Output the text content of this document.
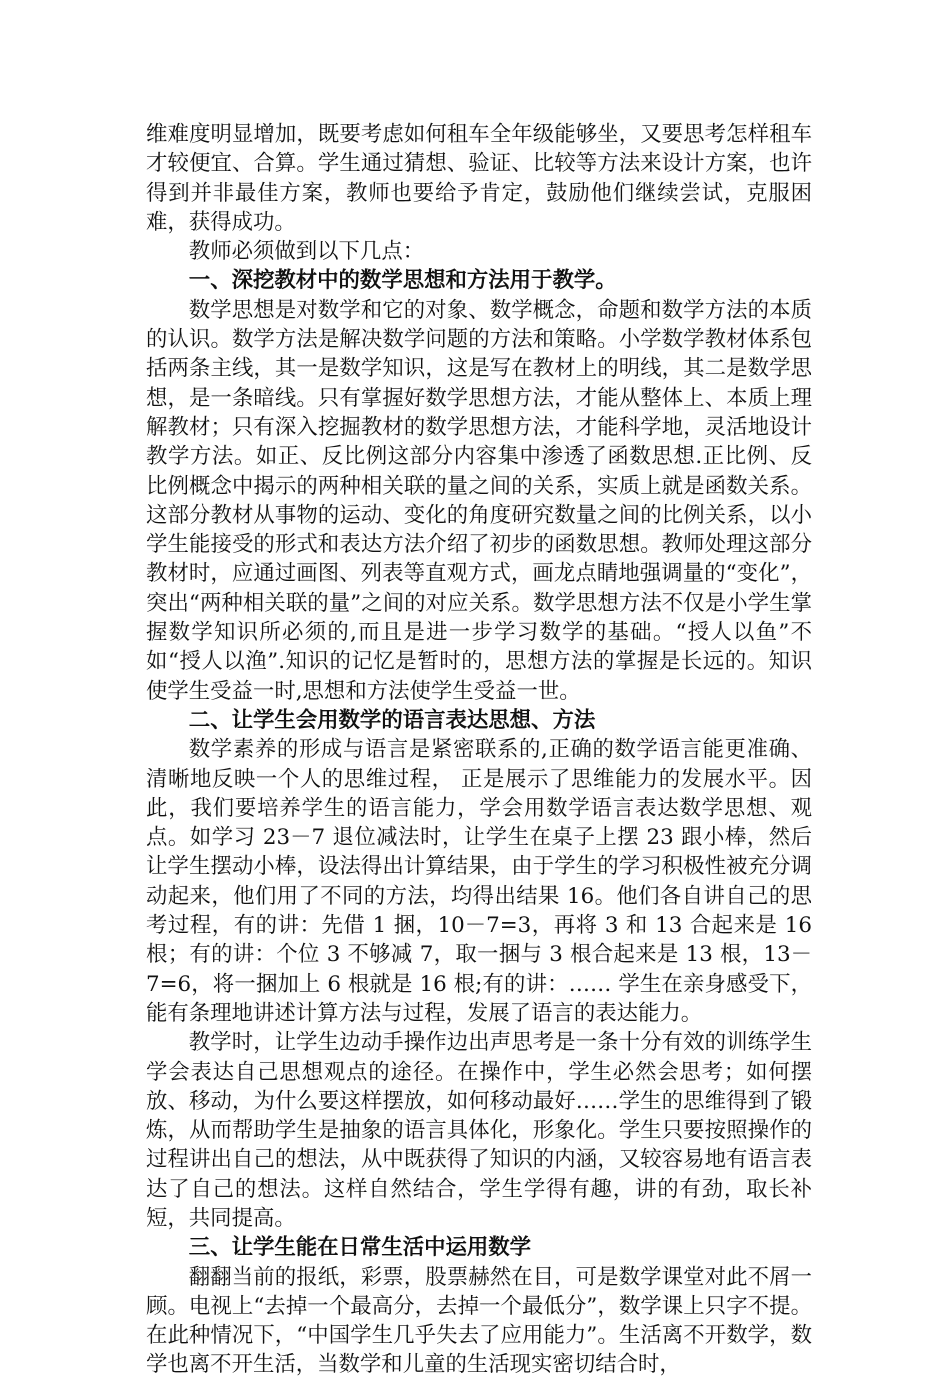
维难度明显增加，既要考虑如何租车全年级能够坐，又要思考怎样租车才较便宜、合算。学生通过猜想、验证、比较等方法来设计方案，也许得到并非最佳方案，教师也要给予肯定，鼓励他们继续尝试，克服困难，获得成功。

教师必须做到以下几点：

一、深挖教材中的数学思想和方法用于教学。

数学思想是对数学和它的对象、数学概念，命题和数学方法的本质的认识。数学方法是解决数学问题的方法和策略。小学数学教材体系包括两条主线，其一是数学知识，这是写在教材上的明线，其二是数学思想，是一条暗线。只有掌握好数学思想方法，才能从整体上、本质上理解教材；只有深入挖掘教材的数学思想方法，才能科学地，灵活地设计教学方法。如正、反比例这部分内容集中渗透了函数思想.正比例、反比例概念中揭示的两种相关联的量之间的关系，实质上就是函数关系。这部分教材从事物的运动、变化的角度研究数量之间的比例关系，以小学生能接受的形式和表达方法介绍了初步的函数思想。教师处理这部分教材时，应通过画图、列表等直观方式，画龙点睛地强调量的“变化”，突出“两种相关联的量”之间的对应关系。数学思想方法不仅是小学生掌握数学知识所必须的,而且是进一步学习数学的基础。“授人以鱼”不如“授人以渔”.知识的记忆是暂时的，思想方法的掌握是长远的。知识使学生受益一时,思想和方法使学生受益一世。

二、让学生会用数学的语言表达思想、方法

数学素养的形成与语言是紧密联系的,正确的数学语言能更准确、清晰地反映一个人的思维过程， 正是展示了思维能力的发展水平。因此，我们要培养学生的语言能力，学会用数学语言表达数学思想、观点。如学习 23－7 退位减法时，让学生在桌子上摆 23 跟小棒，然后让学生摆动小棒，设法得出计算结果，由于学生的学习积极性被充分调动起来，他们用了不同的方法，均得出结果 16。他们各自讲自己的思考过程，有的讲：先借 1 捆，10－7=3，再将 3 和 13 合起来是 16 根；有的讲：个位 3 不够减 7，取一捆与 3 根合起来是 13 根，13－7=6，将一捆加上 6 根就是 16 根;有的讲：…… 学生在亲身感受下，能有条理地讲述计算方法与过程，发展了语言的表达能力。

教学时，让学生边动手操作边出声思考是一条十分有效的训练学生学会表达自己思想观点的途径。在操作中，学生必然会思考；如何摆放、移动，为什么要这样摆放，如何移动最好……学生的思维得到了锻炼，从而帮助学生是抽象的语言具体化，形象化。学生只要按照操作的过程讲出自己的想法，从中既获得了知识的内涵，又较容易地有语言表达了自己的想法。这样自然结合，学生学得有趣，讲的有劲，取长补短，共同提高。

三、让学生能在日常生活中运用数学

翻翻当前的报纸，彩票，股票赫然在目，可是数学课堂对此不屑一顾。电视上“去掉一个最高分，去掉一个最低分”，数学课上只字不提。在此种情况下，“中国学生几乎失去了应用能力”。生活离不开数学，数学也离不开生活，当数学和儿童的生活现实密切结合时，
